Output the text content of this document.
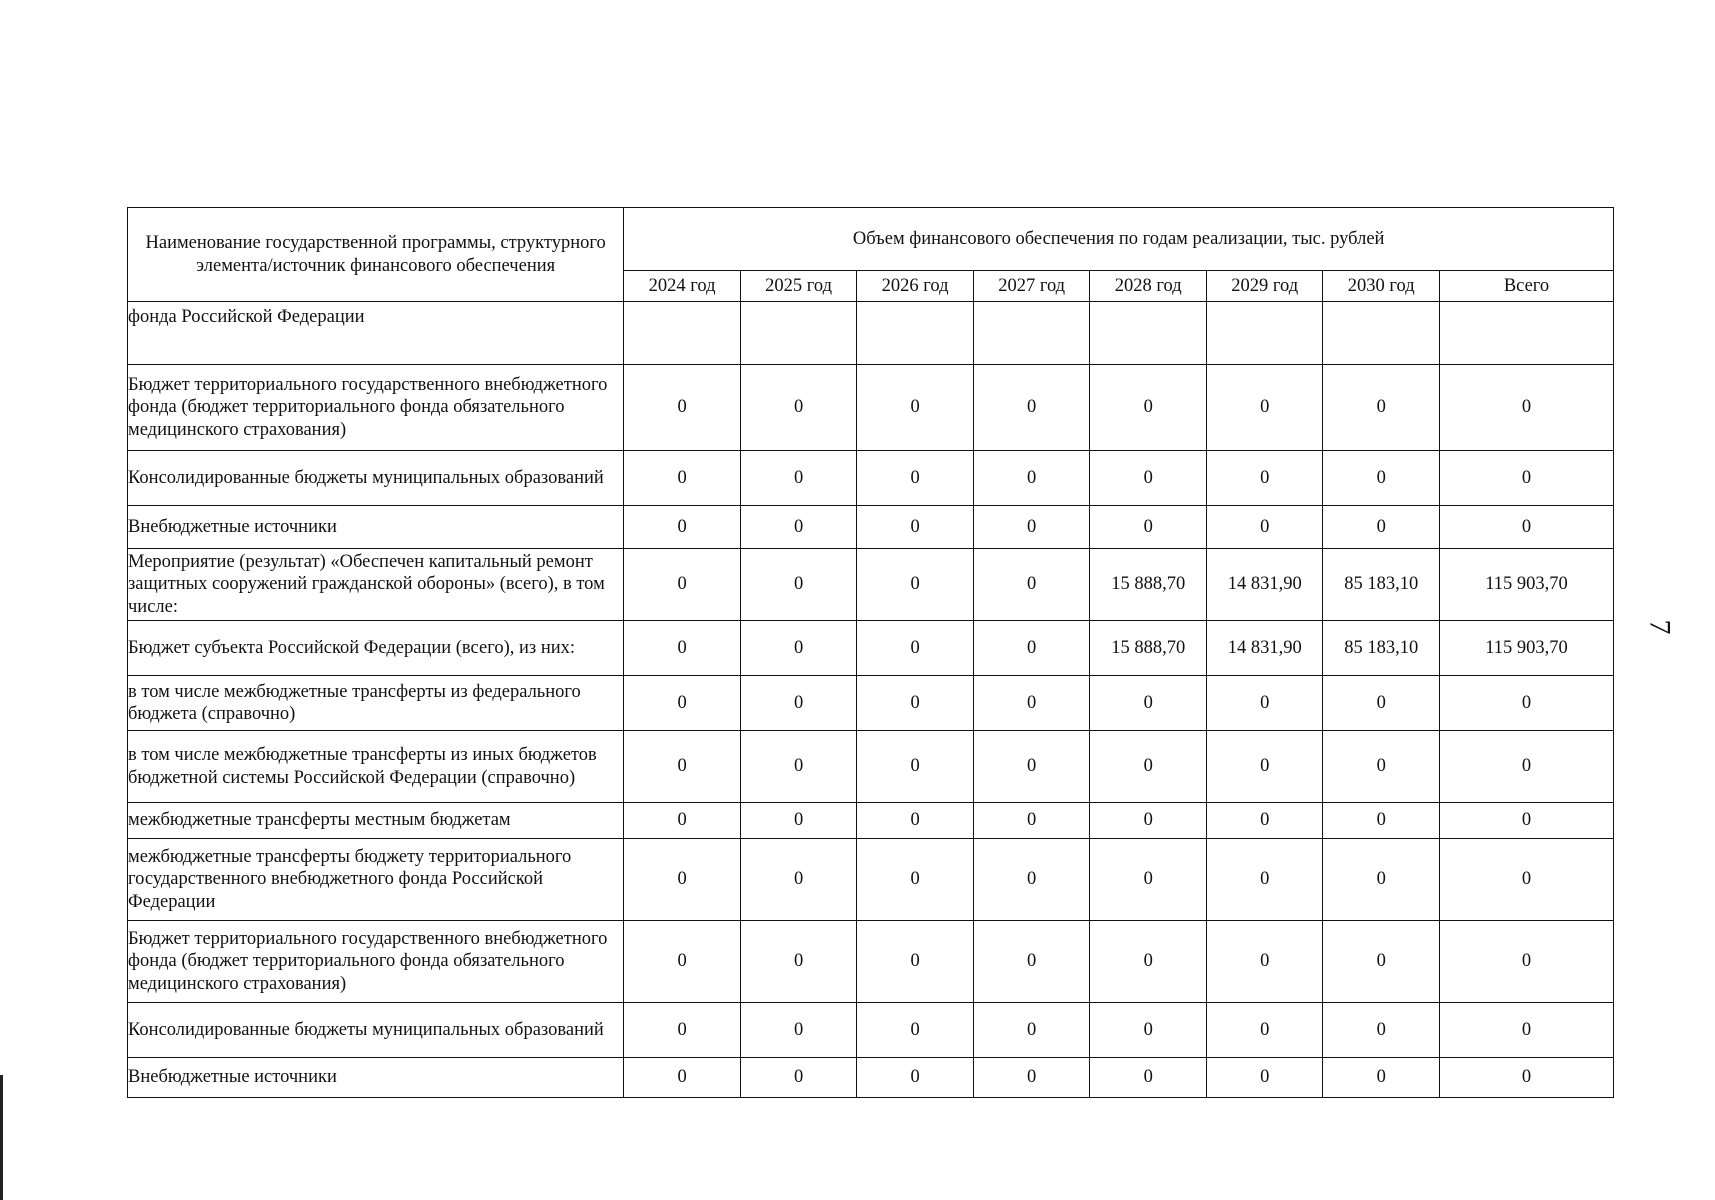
7
Наименование государственной программы, структурного элемента/источник финансового обеспечения	Объем финансового обеспечения по годам реализации, тыс. рублей							
	2024 год	2025 год	2026 год	2027 год	2028 год	2029 год	2030 год	Всего
фонда Российской Федерации								
Бюджет территориального государственного внебюджетного фонда (бюджет территориального фонда обязательного медицинского страхования)	0	0	0	0	0	0	0	0
Консолидированные бюджеты муниципальных образований	0	0	0	0	0	0	0	0
Внебюджетные источники	0	0	0	0	0	0	0	0
Мероприятие (результат) «Обеспечен капитальный ремонт защитных сооружений гражданской обороны» (всего), в том числе:	0	0	0	0	15 888,70	14 831,90	85 183,10	115 903,70
Бюджет субъекта Российской Федерации (всего), из них:	0	0	0	0	15 888,70	14 831,90	85 183,10	115 903,70
в том числе межбюджетные трансферты из федерального бюджета (справочно)	0	0	0	0	0	0	0	0
в том числе межбюджетные трансферты из иных бюджетов бюджетной системы Российской Федерации (справочно)	0	0	0	0	0	0	0	0
межбюджетные трансферты местным бюджетам	0	0	0	0	0	0	0	0
межбюджетные трансферты бюджету территориального государственного внебюджетного фонда Российской Федерации	0	0	0	0	0	0	0	0
Бюджет территориального государственного внебюджетного фонда (бюджет территориального фонда обязательного медицинского страхования)	0	0	0	0	0	0	0	0
Консолидированные бюджеты муниципальных образований	0	0	0	0	0	0	0	0
Внебюджетные источники	0	0	0	0	0	0	0	0
